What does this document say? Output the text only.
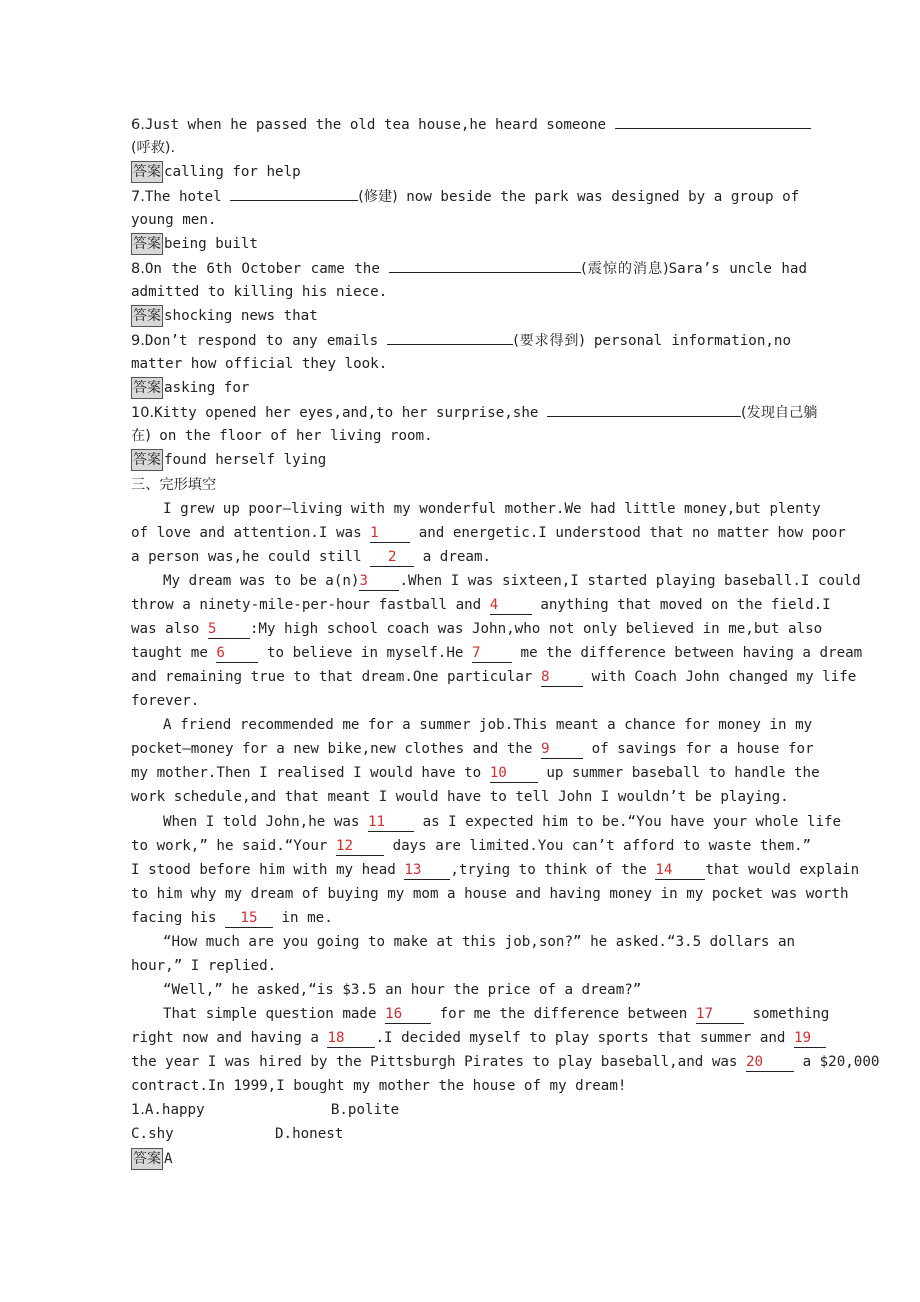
6.Just when he passed the old tea house,he heard someone
(呼救).
答案 calling for help
7.The hotel	(修建) now beside the park was designed by a group of
young men.
答案 being built
8.On the 6th October came the	(震惊的消息)Sara’s uncle had
admitted to killing his niece.
答案 shocking news that
9.Don’t respond to any emails	(要求得到) personal information,no
matter how official they look.
答案 asking for
10.Kitty opened her eyes,and,to her surprise,she	(发现自己躺
在) on the floor of her living room.
答案 found herself lying
三、完形填空
I grew up poor—living with my wonderful mother.We had little money,but plenty
of love and attention.I was 1	and energetic.I understood that no matter how poor
a person was,he could still 2 a dream.
My dream was to be a(n)3 .When I was sixteen,I started playing baseball.I could
throw a ninety-mile-per-hour fastball and 4	anything that moved on the field.I
was also 5 :My high school coach was John,who not only believed in me,but also
taught me 6	to believe in myself.He 7	me the difference between having a dream
and remaining true to that dream.One particular 8	with Coach John changed my life
forever.
A friend recommended me for a summer job.This meant a chance for money in my
pocket—money for a new bike,new clothes and the 9	of savings for a house for
my mother.Then I realised I would have to 10	up summer baseball to handle the
work schedule,and that meant I would have to tell John I wouldn’t be playing.
When I told John,he was 11	as I expected him to be.“You have your whole life
to work,” he said.“Your 12	days are limited.You can’t afford to waste them.”
I stood before him with my head 13 ,trying to think of the 14 that would explain
to him why my dream of buying my mom a house and having money in my pocket was worth
facing his 15 in me.
“How much are you going to make at this job,son?” he asked.“3.5 dollars an
hour,” I replied.
“Well,” he asked,“is $3.5 an hour the price of a dream?”
That simple question made 16	for me the difference between 17	something
right now and having a 18 .I decided myself to play sports that summer and 19
the year I was hired by the Pittsburgh Pirates to play baseball,and was 20	a $20,000
contract.In 1999,I bought my mother the house of my dream!
1.A.happy	B.polite
C.shy	D.honest
答案 A
